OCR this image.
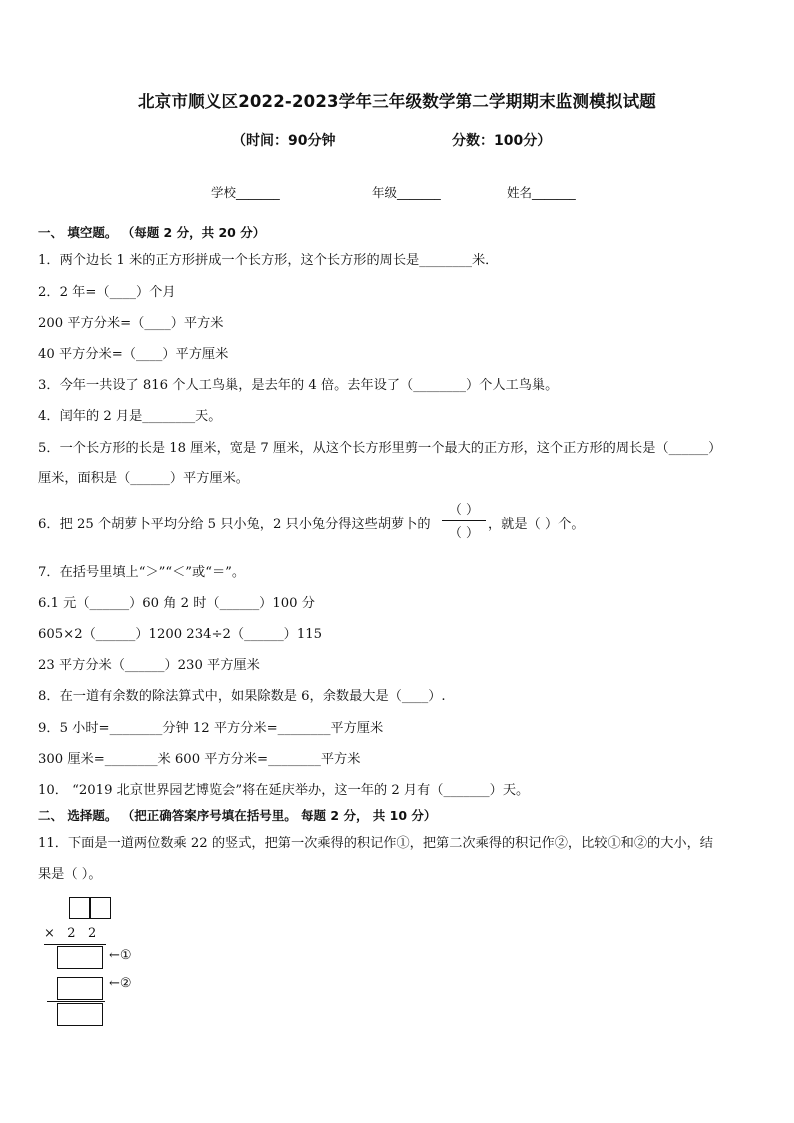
北京市顺义区2022-2023学年三年级数学第二学期期末监测模拟试题
（时间：90分钟	分数：100分）
学校_______	年级_______	姓名_______
一、 填空题。 （每题 2 分，共 20 分）
1．两个边长 1 米的正方形拼成一个长方形，这个长方形的周长是________米．
2．2 年=（____）个月
200 平方分米=（____）平方米
40 平方分米=（____）平方厘米
3．今年一共设了 816 个人工鸟巢，是去年的 4 倍。去年设了（________）个人工鸟巢。
4．闰年的 2 月是________天。
5．一个长方形的长是 18 厘米，宽是 7 厘米，从这个长方形里剪一个最大的正方形，这个正方形的周长是（______）
厘米，面积是（______）平方厘米。
6．把 25 个胡萝卜平均分给 5 只小兔，2 只小兔分得这些胡萝卜的
（ ）
（ ）
，就是（ ）个。
7．在括号里填上“＞”“＜”或“＝”。
6.1 元（______）60 角 2 时（______）100 分
605×2（______）1200 234÷2（______）115
23 平方分米（______）230 平方厘米
8．在一道有余数的除法算式中，如果除数是 6，余数最大是（____）.
9．5 小时=________分钟 12 平方分米=________平方厘米
300 厘米=________米 600 平方分米=________平方米
10． “2019 北京世界园艺博览会”将在延庆举办，这一年的 2 月有（_______）天。
二、 选择题。 （把正确答案序号填在括号里。 每题 2 分， 共 10 分）
11．下面是一道两位数乘 22 的竖式，把第一次乘得的积记作①，把第二次乘得的积记作②，比较①和②的大小，结
果是（ ）。
×   2   2
←①
←②
